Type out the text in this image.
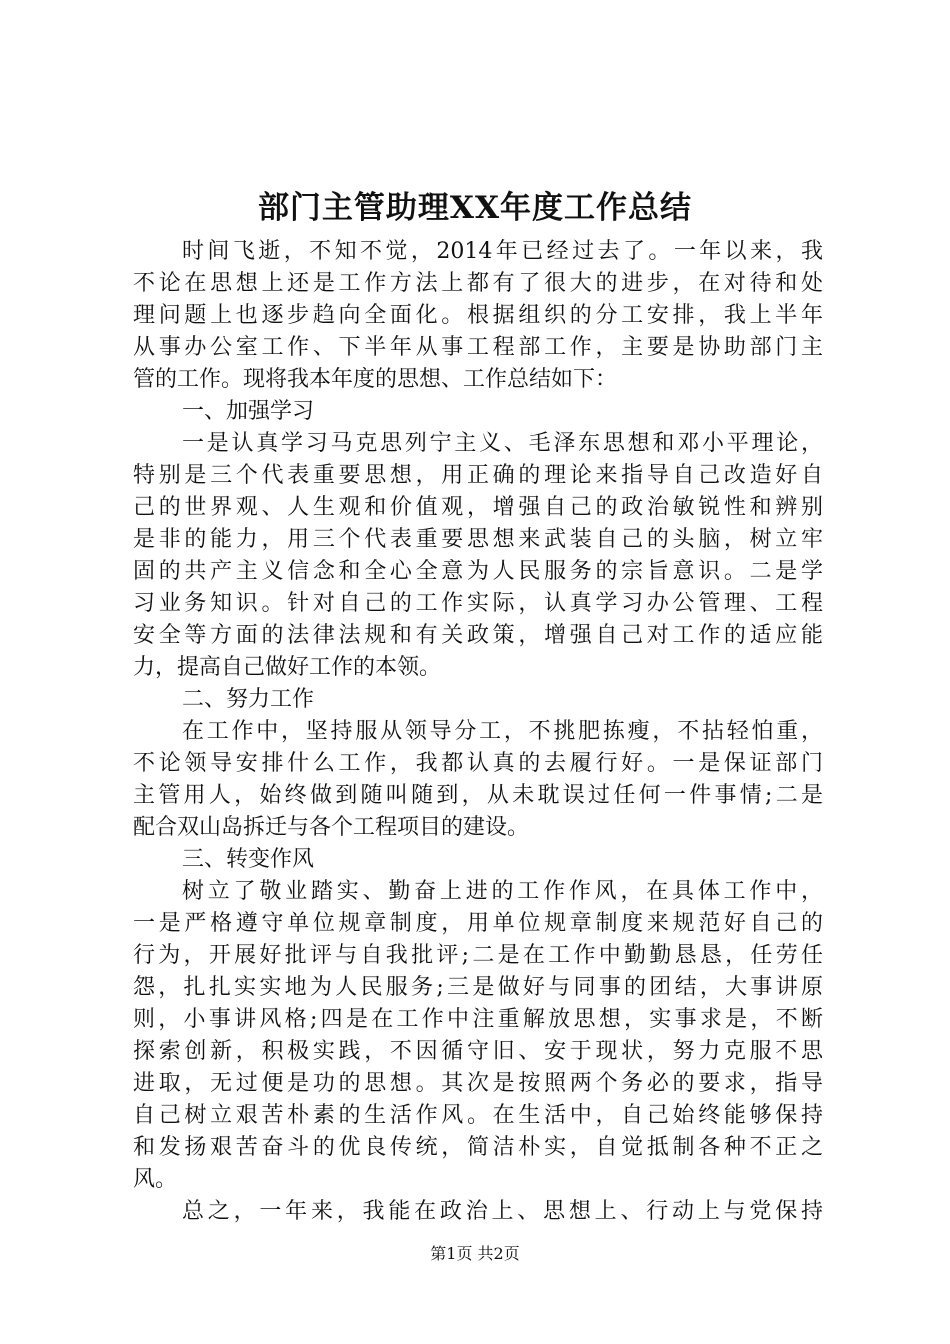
部门主管助理XX年度工作总结
时间飞逝，不知不觉，2014年已经过去了。一年以来，我
不论在思想上还是工作方法上都有了很大的进步，在对待和处
理问题上也逐步趋向全面化。根据组织的分工安排，我上半年
从事办公室工作、下半年从事工程部工作，主要是协助部门主
管的工作。现将我本年度的思想、工作总结如下：
一、加强学习
一是认真学习马克思列宁主义、毛泽东思想和邓小平理论，
特别是三个代表重要思想，用正确的理论来指导自己改造好自
己的世界观、人生观和价值观，增强自己的政治敏锐性和辨别
是非的能力，用三个代表重要思想来武装自己的头脑，树立牢
固的共产主义信念和全心全意为人民服务的宗旨意识。二是学
习业务知识。针对自己的工作实际，认真学习办公管理、工程
安全等方面的法律法规和有关政策，增强自己对工作的适应能
力，提高自己做好工作的本领。
二、努力工作
在工作中，坚持服从领导分工，不挑肥拣瘦，不拈轻怕重，
不论领导安排什么工作，我都认真的去履行好。一是保证部门
主管用人，始终做到随叫随到，从未耽误过任何一件事情;二是
配合双山岛拆迁与各个工程项目的建设。
三、转变作风
树立了敬业踏实、勤奋上进的工作作风，在具体工作中，
一是严格遵守单位规章制度，用单位规章制度来规范好自己的
行为，开展好批评与自我批评;二是在工作中勤勤恳恳，任劳任
怨，扎扎实实地为人民服务;三是做好与同事的团结，大事讲原
则，小事讲风格;四是在工作中注重解放思想，实事求是，不断
探索创新，积极实践，不因循守旧、安于现状，努力克服不思
进取，无过便是功的思想。其次是按照两个务必的要求，指导
自己树立艰苦朴素的生活作风。在生活中，自己始终能够保持
和发扬艰苦奋斗的优良传统，简洁朴实，自觉抵制各种不正之
风。
总之，一年来，我能在政治上、思想上、行动上与党保持
第1页 共2页
